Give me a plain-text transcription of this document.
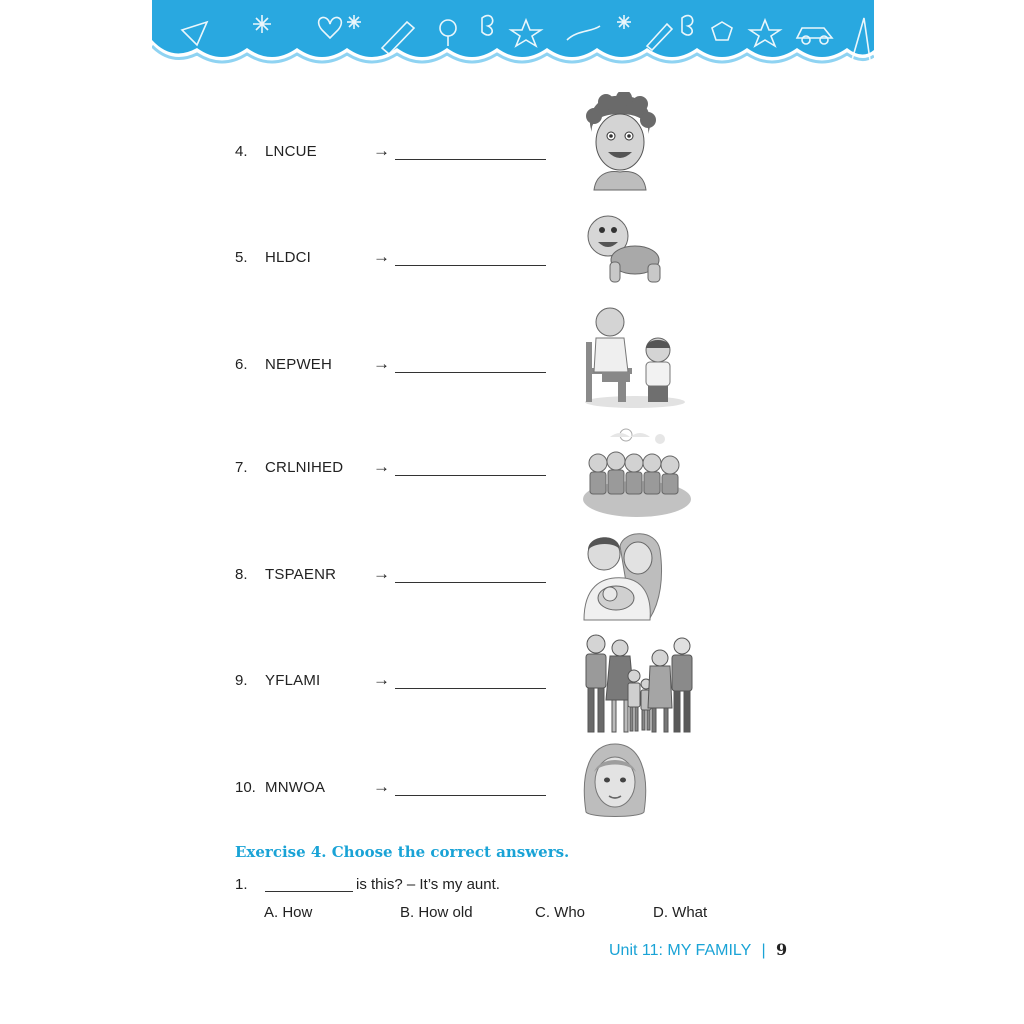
4. LNCUE	→
5. HLDCI	→
6. NEPWEH →
7. CRLNIHED →
8. TSPAENR →
9. YFLAMI	→
10. MNWOA	→
Exercise 4. Choose the correct answers.
1.	is this? – It’s my aunt.
A. How	B. How old	C. Who	D. What
Unit 11: MY FAMILY | 9
